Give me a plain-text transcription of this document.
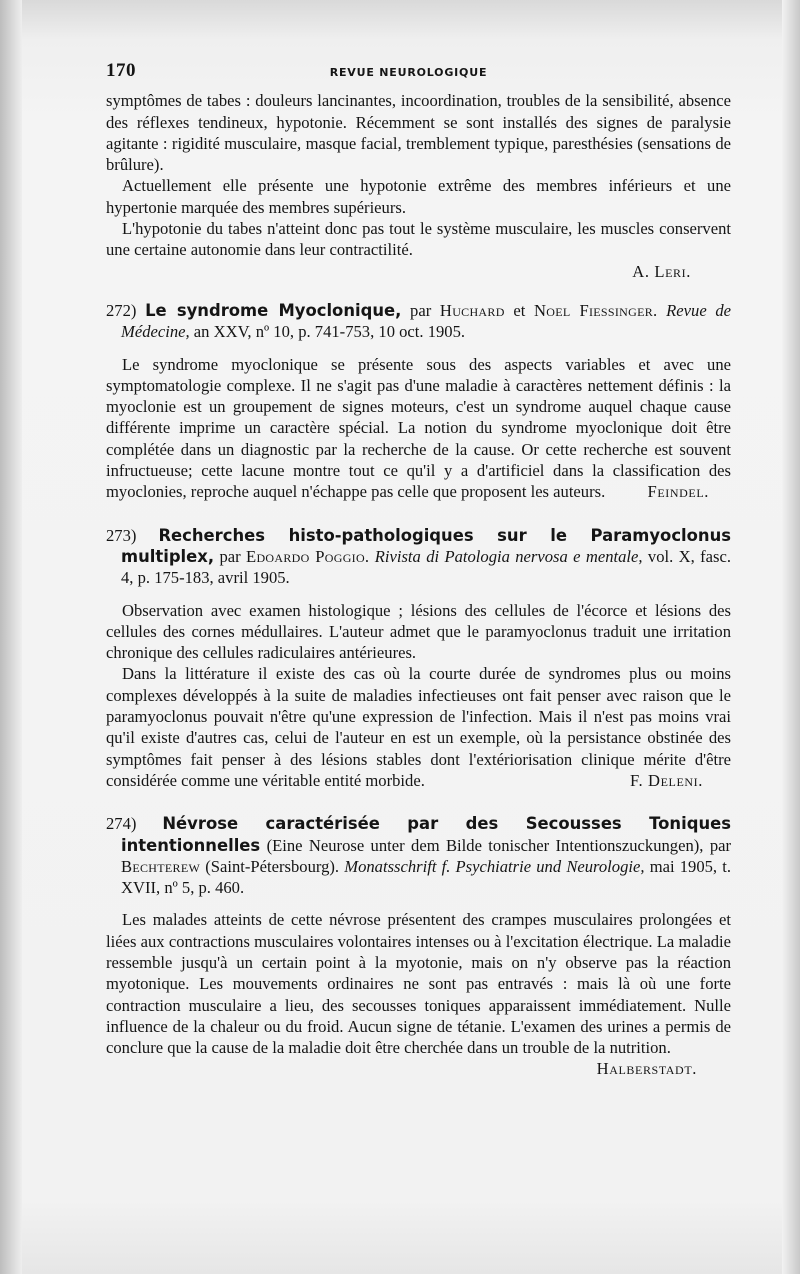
170	REVUE NEUROLOGIQUE

symptômes de tabes : douleurs lancinantes, incoordination, troubles de la sensibilité, absence des réflexes tendineux, hypotonie. Récemment se sont installés des signes de paralysie agitante : rigidité musculaire, masque facial, tremblement typique, paresthésies (sensations de brûlure).

Actuellement elle présente une hypotonie extrême des membres inférieurs et une hypertonie marquée des membres supérieurs.

L'hypotonie du tabes n'atteint donc pas tout le système musculaire, les muscles conservent une certaine autonomie dans leur contractilité.

A. Leri.

272) Le syndrome Myoclonique, par Huchard et Noel Fiessinger. Revue de Médecine, an XXV, nº 10, p. 741-753, 10 oct. 1905.

Le syndrome myoclonique se présente sous des aspects variables et avec une symptomatologie complexe. Il ne s'agit pas d'une maladie à caractères nettement définis : la myoclonie est un groupement de signes moteurs, c'est un syndrome auquel chaque cause différente imprime un caractère spécial. La notion du syndrome myoclonique doit être complétée dans un diagnostic par la recherche de la cause. Or cette recherche est souvent infructueuse; cette lacune montre tout ce qu'il y a d'artificiel dans la classification des myoclonies, reproche auquel n'échappe pas celle que proposent les auteurs.	Feindel.

273) Recherches histo-pathologiques sur le Paramyoclonus multiplex, par Edoardo Poggio. Rivista di Patologia nervosa e mentale, vol. X, fasc. 4, p. 175-183, avril 1905.

Observation avec examen histologique ; lésions des cellules de l'écorce et lésions des cellules des cornes médullaires. L'auteur admet que le paramyoclonus traduit une irritation chronique des cellules radiculaires antérieures.

Dans la littérature il existe des cas où la courte durée de syndromes plus ou moins complexes développés à la suite de maladies infectieuses ont fait penser avec raison que le paramyoclonus pouvait n'être qu'une expression de l'infection. Mais il n'est pas moins vrai qu'il existe d'autres cas, celui de l'auteur en est un exemple, où la persistance obstinée des symptômes fait penser à des lésions stables dont l'extériorisation clinique mérite d'être considérée comme une véritable entité morbide.	F. Deleni.

274) Névrose caractérisée par des Secousses Toniques intentionnelles (Eine Neurose unter dem Bilde tonischer Intentionszuckungen), par Bechterew (Saint-Pétersbourg). Monatsschrift f. Psychiatrie und Neurologie, mai 1905, t. XVII, nº 5, p. 460.

Les malades atteints de cette névrose présentent des crampes musculaires prolongées et liées aux contractions musculaires volontaires intenses ou à l'excitation électrique. La maladie ressemble jusqu'à un certain point à la myotonie, mais on n'y observe pas la réaction myotonique. Les mouvements ordinaires ne sont pas entravés : mais là où une forte contraction musculaire a lieu, des secousses toniques apparaissent immédiatement. Nulle influence de la chaleur ou du froid. Aucun signe de tétanie. L'examen des urines a permis de conclure que la cause de la maladie doit être cherchée dans un trouble de la nutrition.

Halberstadt.
